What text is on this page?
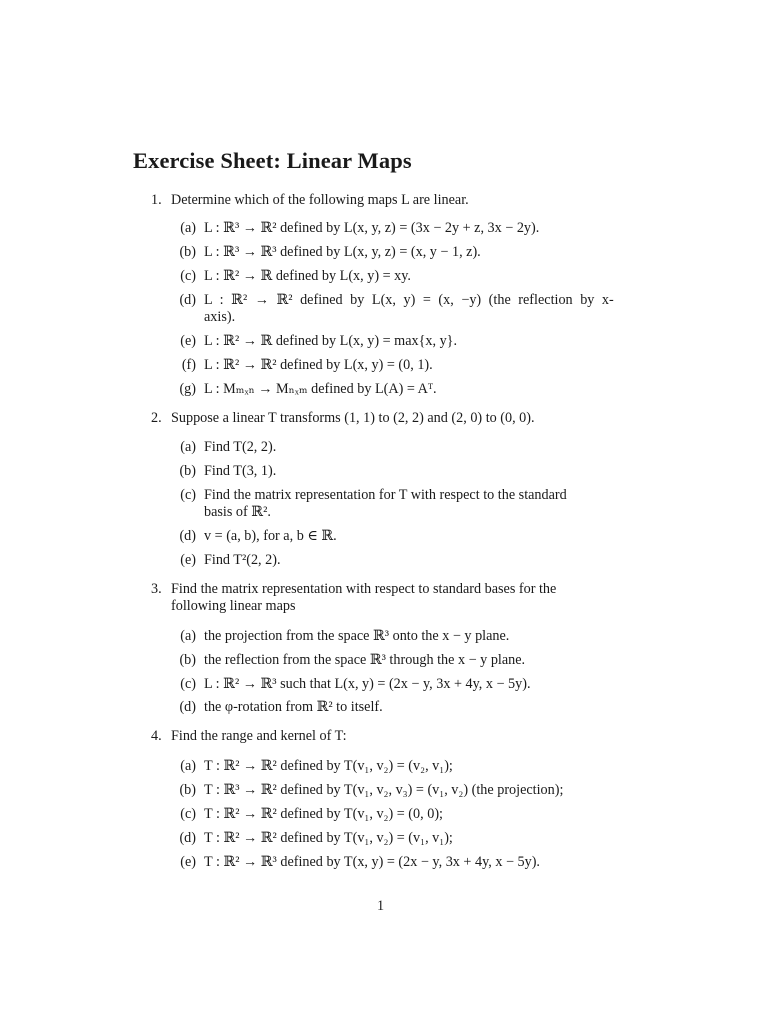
Exercise Sheet: Linear Maps
1. Determine which of the following maps L are linear.
(a) L : ℝ³ → ℝ² defined by L(x, y, z) = (3x − 2y + z, 3x − 2y).
(b) L : ℝ³ → ℝ³ defined by L(x, y, z) = (x, y − 1, z).
(c) L : ℝ² → ℝ defined by L(x, y) = xy.
(d) L : ℝ² → ℝ² defined by L(x, y) = (x, −y) (the reflection by x-
axis).
(e) L : ℝ² → ℝ defined by L(x, y) = max{x, y}.
(f) L : ℝ² → ℝ² defined by L(x, y) = (0, 1).
(g) L : Mₘₓₙ → Mₙₓₘ defined by L(A) = Aᵀ.
2. Suppose a linear T transforms (1, 1) to (2, 2) and (2, 0) to (0, 0).
(a) Find T(2, 2).
(b) Find T(3, 1).
(c) Find the matrix representation for T with respect to the standard
basis of ℝ².
(d) v = (a, b), for a, b ∈ ℝ.
(e) Find T²(2, 2).
3. Find the matrix representation with respect to standard bases for the
following linear maps
(a) the projection from the space ℝ³ onto the x − y plane.
(b) the reflection from the space ℝ³ through the x − y plane.
(c) L : ℝ² → ℝ³ such that L(x, y) = (2x − y, 3x + 4y, x − 5y).
(d) the φ-rotation from ℝ² to itself.
4. Find the range and kernel of T:
(a) T : ℝ² → ℝ² defined by T(v₁, v₂) = (v₂, v₁);
(b) T : ℝ³ → ℝ² defined by T(v₁, v₂, v₃) = (v₁, v₂) (the projection);
(c) T : ℝ² → ℝ² defined by T(v₁, v₂) = (0, 0);
(d) T : ℝ² → ℝ² defined by T(v₁, v₂) = (v₁, v₁);
(e) T : ℝ² → ℝ³ defined by T(x, y) = (2x − y, 3x + 4y, x − 5y).
1
